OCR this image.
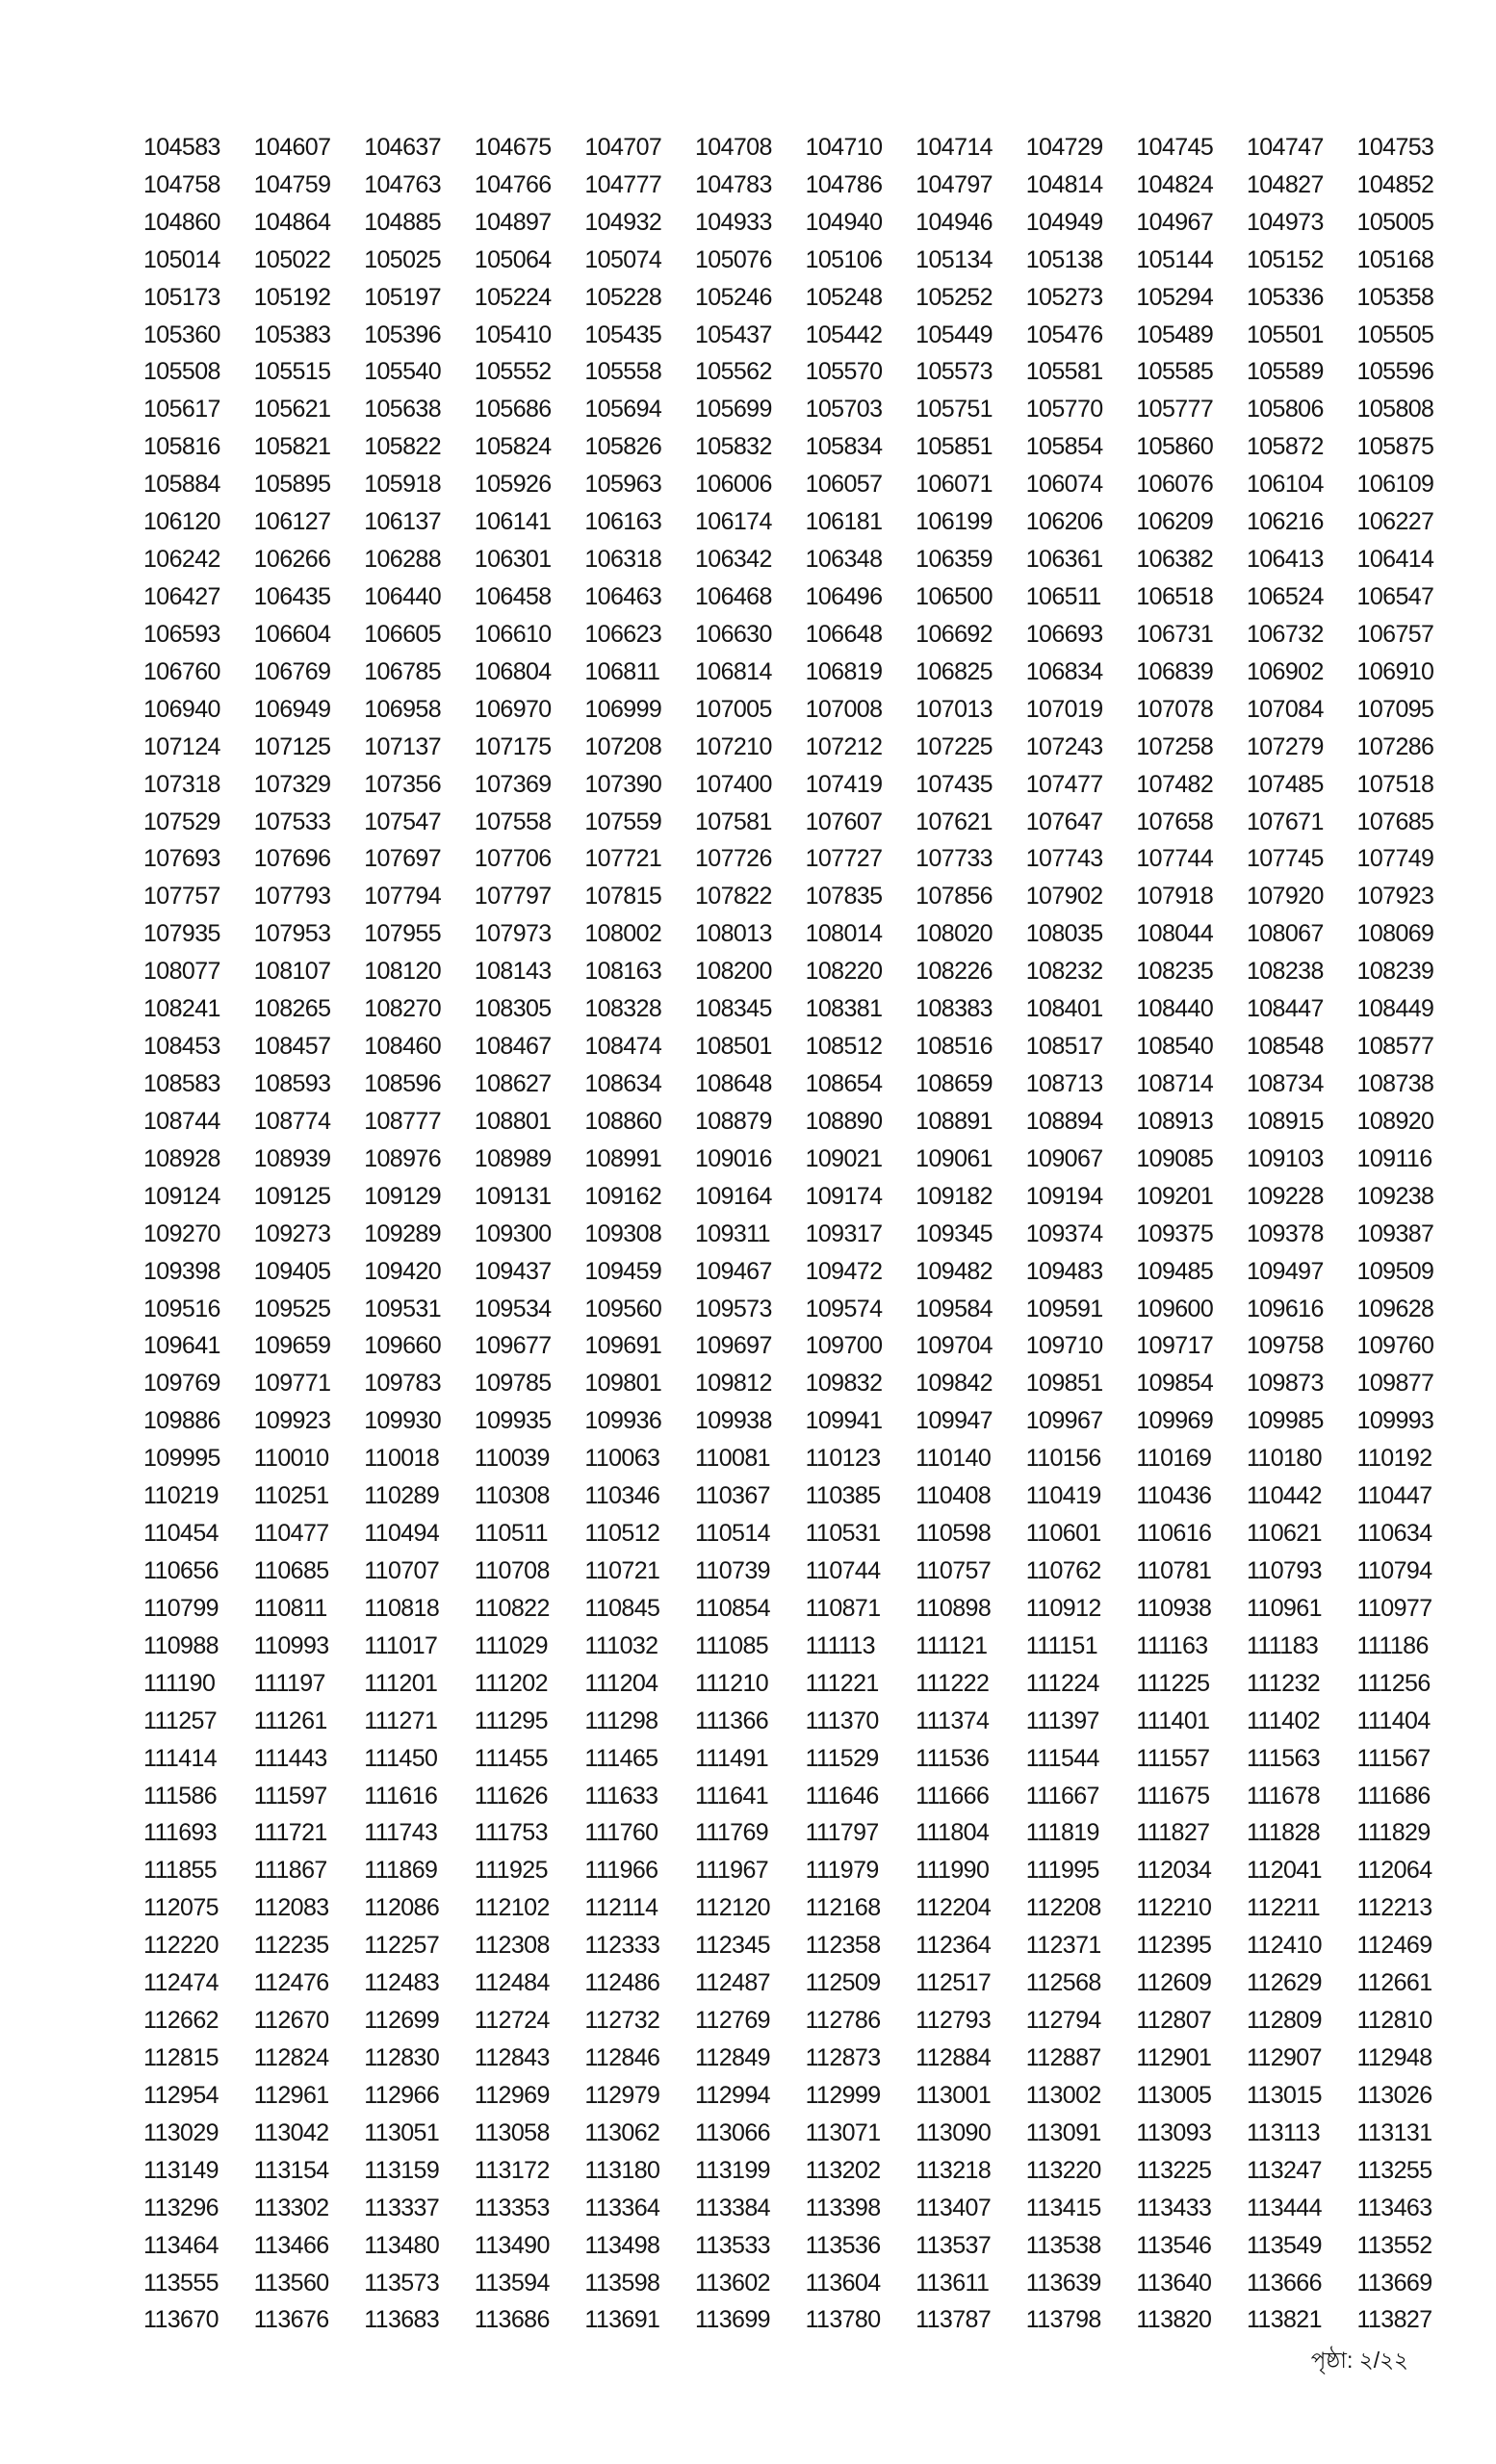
104583	104607	104637	104675	104707	104708	104710	104714	104729	104745	104747	104753
104758	104759	104763	104766	104777	104783	104786	104797	104814	104824	104827	104852
104860	104864	104885	104897	104932	104933	104940	104946	104949	104967	104973	105005
105014	105022	105025	105064	105074	105076	105106	105134	105138	105144	105152	105168
105173	105192	105197	105224	105228	105246	105248	105252	105273	105294	105336	105358
105360	105383	105396	105410	105435	105437	105442	105449	105476	105489	105501	105505
105508	105515	105540	105552	105558	105562	105570	105573	105581	105585	105589	105596
105617	105621	105638	105686	105694	105699	105703	105751	105770	105777	105806	105808
105816	105821	105822	105824	105826	105832	105834	105851	105854	105860	105872	105875
105884	105895	105918	105926	105963	106006	106057	106071	106074	106076	106104	106109
106120	106127	106137	106141	106163	106174	106181	106199	106206	106209	106216	106227
106242	106266	106288	106301	106318	106342	106348	106359	106361	106382	106413	106414
106427	106435	106440	106458	106463	106468	106496	106500	106511	106518	106524	106547
106593	106604	106605	106610	106623	106630	106648	106692	106693	106731	106732	106757
106760	106769	106785	106804	106811	106814	106819	106825	106834	106839	106902	106910
106940	106949	106958	106970	106999	107005	107008	107013	107019	107078	107084	107095
107124	107125	107137	107175	107208	107210	107212	107225	107243	107258	107279	107286
107318	107329	107356	107369	107390	107400	107419	107435	107477	107482	107485	107518
107529	107533	107547	107558	107559	107581	107607	107621	107647	107658	107671	107685
107693	107696	107697	107706	107721	107726	107727	107733	107743	107744	107745	107749
107757	107793	107794	107797	107815	107822	107835	107856	107902	107918	107920	107923
107935	107953	107955	107973	108002	108013	108014	108020	108035	108044	108067	108069
108077	108107	108120	108143	108163	108200	108220	108226	108232	108235	108238	108239
108241	108265	108270	108305	108328	108345	108381	108383	108401	108440	108447	108449
108453	108457	108460	108467	108474	108501	108512	108516	108517	108540	108548	108577
108583	108593	108596	108627	108634	108648	108654	108659	108713	108714	108734	108738
108744	108774	108777	108801	108860	108879	108890	108891	108894	108913	108915	108920
108928	108939	108976	108989	108991	109016	109021	109061	109067	109085	109103	109116
109124	109125	109129	109131	109162	109164	109174	109182	109194	109201	109228	109238
109270	109273	109289	109300	109308	109311	109317	109345	109374	109375	109378	109387
109398	109405	109420	109437	109459	109467	109472	109482	109483	109485	109497	109509
109516	109525	109531	109534	109560	109573	109574	109584	109591	109600	109616	109628
109641	109659	109660	109677	109691	109697	109700	109704	109710	109717	109758	109760
109769	109771	109783	109785	109801	109812	109832	109842	109851	109854	109873	109877
109886	109923	109930	109935	109936	109938	109941	109947	109967	109969	109985	109993
109995	110010	110018	110039	110063	110081	110123	110140	110156	110169	110180	110192
110219	110251	110289	110308	110346	110367	110385	110408	110419	110436	110442	110447
110454	110477	110494	110511	110512	110514	110531	110598	110601	110616	110621	110634
110656	110685	110707	110708	110721	110739	110744	110757	110762	110781	110793	110794
110799	110811	110818	110822	110845	110854	110871	110898	110912	110938	110961	110977
110988	110993	111017	111029	111032	111085	111113	111121	111151	111163	111183	111186
111190	111197	111201	111202	111204	111210	111221	111222	111224	111225	111232	111256
111257	111261	111271	111295	111298	111366	111370	111374	111397	111401	111402	111404
111414	111443	111450	111455	111465	111491	111529	111536	111544	111557	111563	111567
111586	111597	111616	111626	111633	111641	111646	111666	111667	111675	111678	111686
111693	111721	111743	111753	111760	111769	111797	111804	111819	111827	111828	111829
111855	111867	111869	111925	111966	111967	111979	111990	111995	112034	112041	112064
112075	112083	112086	112102	112114	112120	112168	112204	112208	112210	112211	112213
112220	112235	112257	112308	112333	112345	112358	112364	112371	112395	112410	112469
112474	112476	112483	112484	112486	112487	112509	112517	112568	112609	112629	112661
112662	112670	112699	112724	112732	112769	112786	112793	112794	112807	112809	112810
112815	112824	112830	112843	112846	112849	112873	112884	112887	112901	112907	112948
112954	112961	112966	112969	112979	112994	112999	113001	113002	113005	113015	113026
113029	113042	113051	113058	113062	113066	113071	113090	113091	113093	113113	113131
113149	113154	113159	113172	113180	113199	113202	113218	113220	113225	113247	113255
113296	113302	113337	113353	113364	113384	113398	113407	113415	113433	113444	113463
113464	113466	113480	113490	113498	113533	113536	113537	113538	113546	113549	113552
113555	113560	113573	113594	113598	113602	113604	113611	113639	113640	113666	113669
113670	113676	113683	113686	113691	113699	113780	113787	113798	113820	113821	113827
পৃষ্ঠা: ২/২২
